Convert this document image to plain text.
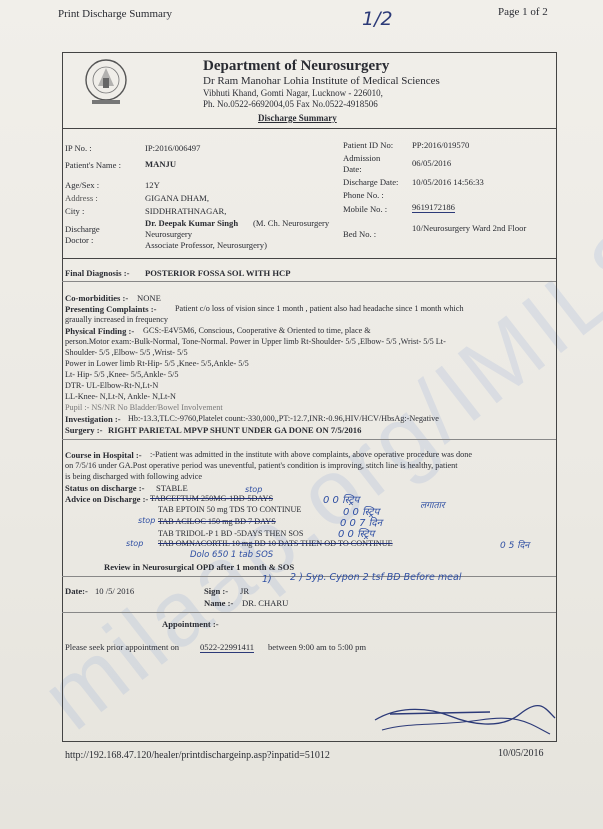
Print Discharge Summary	Page 1 of 2
1/2
Department of Neurosurgery
Dr Ram Manohar Lohia Institute of Medical Sciences
Vibhuti Khand, Gomti Nagar, Lucknow - 226010,
Ph. No.0522-6692004,05 Fax No.0522-4918506
Discharge Summary
IP No. :	IP:2016/006497
Patient's Name :	MANJU
Age/Sex :	12Y
Address :	GIGANA DHAM,
City :	SIDDHRATHNAGAR,
Discharge Doctor :
Dr. Deepak Kumar Singh (M. Ch. Neurosurgery
Neurosurgery
Associate Professor, Neurosurgery)
Patient ID No: PP:2016/019570
Admission Date:
06/05/2016
Discharge Date: 10/05/2016 14:56:33
Phone No. :
Mobile No. :	9619172186
Bed No. :
10/Neurosurgery Ward 2nd Floor
Final Diagnosis :- POSTERIOR FOSSA SOL WITH HCP
Co-morbidities :- NONE
Presenting Complaints :- Patient c/o loss of vision since 1 month , patient also had headache since 1 month which
graually increased in frequency
Physical Finding :- GCS:-E4V5M6, Conscious, Cooperative & Oriented to time, place &
person.Motor exam:-Bulk-Normal, Tone-Normal. Power in Upper limb Rt-Shoulder- 5/5 ,Elbow- 5/5 ,Wrist- 5/5 Lt-
Shoulder- 5/5 ,Elbow- 5/5 ,Wrist- 5/5
Power in Lower limb Rt-Hip- 5/5 ,Knee- 5/5,Ankle- 5/5
Lt- Hip- 5/5 ,Knee- 5/5,Ankle- 5/5
DTR- UL-Elbow-Rt-N,Lt-N
LL-Knee- N,Lt-N, Ankle- N,Lt-N
Pupil :- NS/NR No Bladder/Bowel Involvement
Investigation :- Hb:-13.3,TLC:-9760,Platelet count:-330,000,,PT:-12.7,INR:-0.96,HIV/HCV/HbsAg:-Negative
Surgery :- RIGHT PARIETAL MPVP SHUNT UNDER GA DONE ON 7/5/2016
Course in Hospital :- :-Patient was admitted in the institute with above complaints, above operative procedure was done
on 7/5/16 under GA.Post operative period was uneventful, patient's condition is improving, stitch line is healthy, patient
is being discharged with following advice
Status on discharge :- STABLE
Advice on Discharge :- TABCEFTUM 250MG-1BD-5DAYS
TAB EPTOIN 50 mg TDS TO CONTINUE
TAB ACILOC 150 mg BD 7 DAYS
TAB TRIDOL-P 1 BD -5DAYS THEN SOS
TAB OMNACORTIL 10 mg BD 10 DATS THEN OD TO CONTINUE
Review in Neurosurgical OPD after 1 month & SOS
Date:- 10 /5/ 2016	Sign :- JR
Name :- DR. CHARU
Appointment :-
Please seek prior appointment on 0522-22991411 between 9:00 am to 5:00 pm
stop
stop
stop
0 0 स्ट्रिप
0 0 स्ट्रिप
0 0 7 दिन
0 0 स्ट्रिप
0 5 दिन
लगातार
Dolo 650 1 tab SOS
2 ) Syp. Cypon 2 tsf BD Before meal
1)
http://192.168.47.120/healer/printdischargeinp.asp?inpatid=51012	10/05/2016
